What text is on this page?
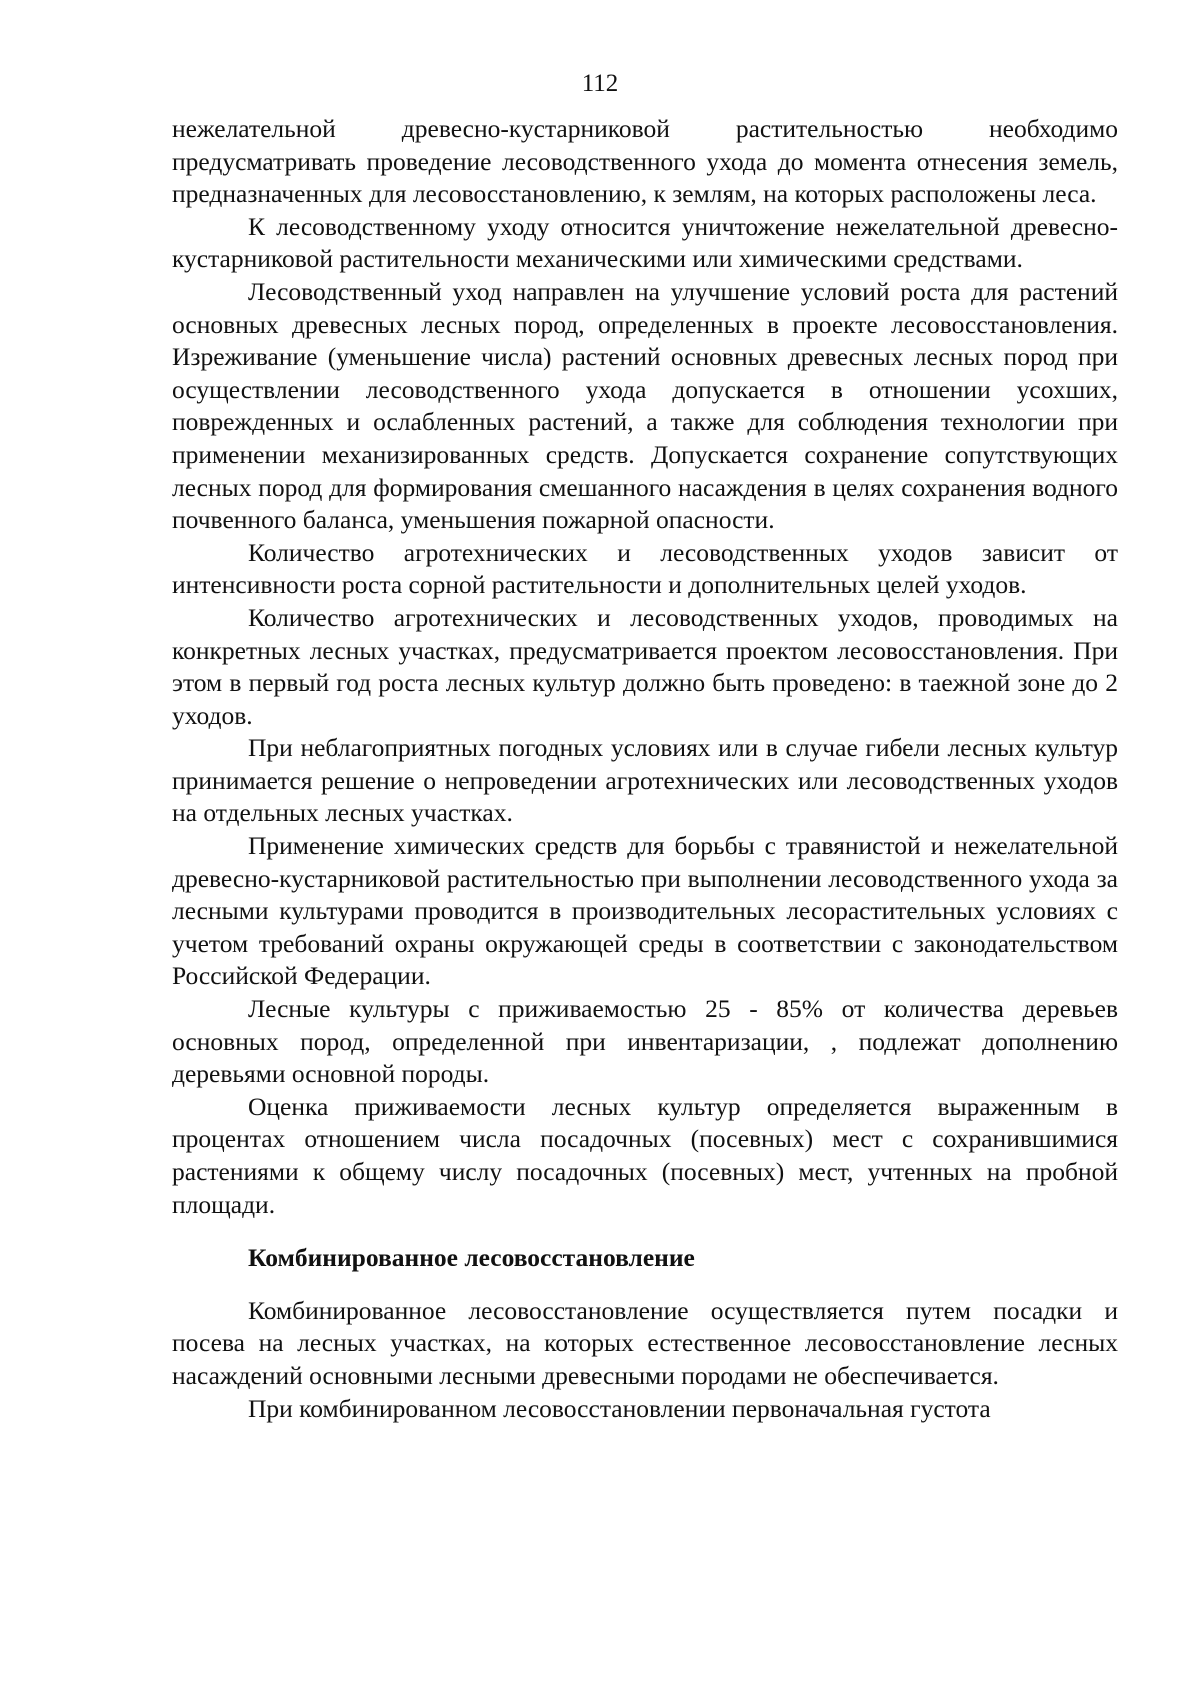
112

нежелательной древесно-кустарниковой растительностью необходимо предусматривать проведение лесоводственного ухода до момента отнесения земель, предназначенных для лесовосстановлению, к землям, на которых расположены леса.

К лесоводственному уходу относится уничтожение нежелательной древесно-кустарниковой растительности механическими или химическими средствами.

Лесоводственный уход направлен на улучшение условий роста для растений основных древесных лесных пород, определенных в проекте лесовосстановления. Изреживание (уменьшение числа) растений основных древесных лесных пород при осуществлении лесоводственного ухода допускается в отношении усохших, поврежденных и ослабленных растений, а также для соблюдения технологии при применении механизированных средств. Допускается сохранение сопутствующих лесных пород для формирования смешанного насаждения в целях сохранения водного почвенного баланса, уменьшения пожарной опасности.

Количество агротехнических и лесоводственных уходов зависит от интенсивности роста сорной растительности и дополнительных целей уходов.

Количество агротехнических и лесоводственных уходов, проводимых на конкретных лесных участках, предусматривается проектом лесовосстановления. При этом в первый год роста лесных культур должно быть проведено: в таежной зоне до 2 уходов.

При неблагоприятных погодных условиях или в случае гибели лесных культур принимается решение о непроведении агротехнических или лесоводственных уходов на отдельных лесных участках.

Применение химических средств для борьбы с травянистой и нежелательной древесно-кустарниковой растительностью при выполнении лесоводственного ухода за лесными культурами проводится в производительных лесорастительных условиях с учетом требований охраны окружающей среды в соответствии с законодательством Российской Федерации.

Лесные культуры с приживаемостью 25 - 85% от количества деревьев основных пород, определенной при инвентаризации, , подлежат дополнению деревьями основной породы.

Оценка приживаемости лесных культур определяется выраженным в процентах отношением числа посадочных (посевных) мест с сохранившимися растениями к общему числу посадочных (посевных) мест, учтенных на пробной площади.

Комбинированное лесовосстановление

Комбинированное лесовосстановление осуществляется путем посадки и посева на лесных участках, на которых естественное лесовосстановление лесных насаждений основными лесными древесными породами не обеспечивается.

При комбинированном лесовосстановлении первоначальная густота
